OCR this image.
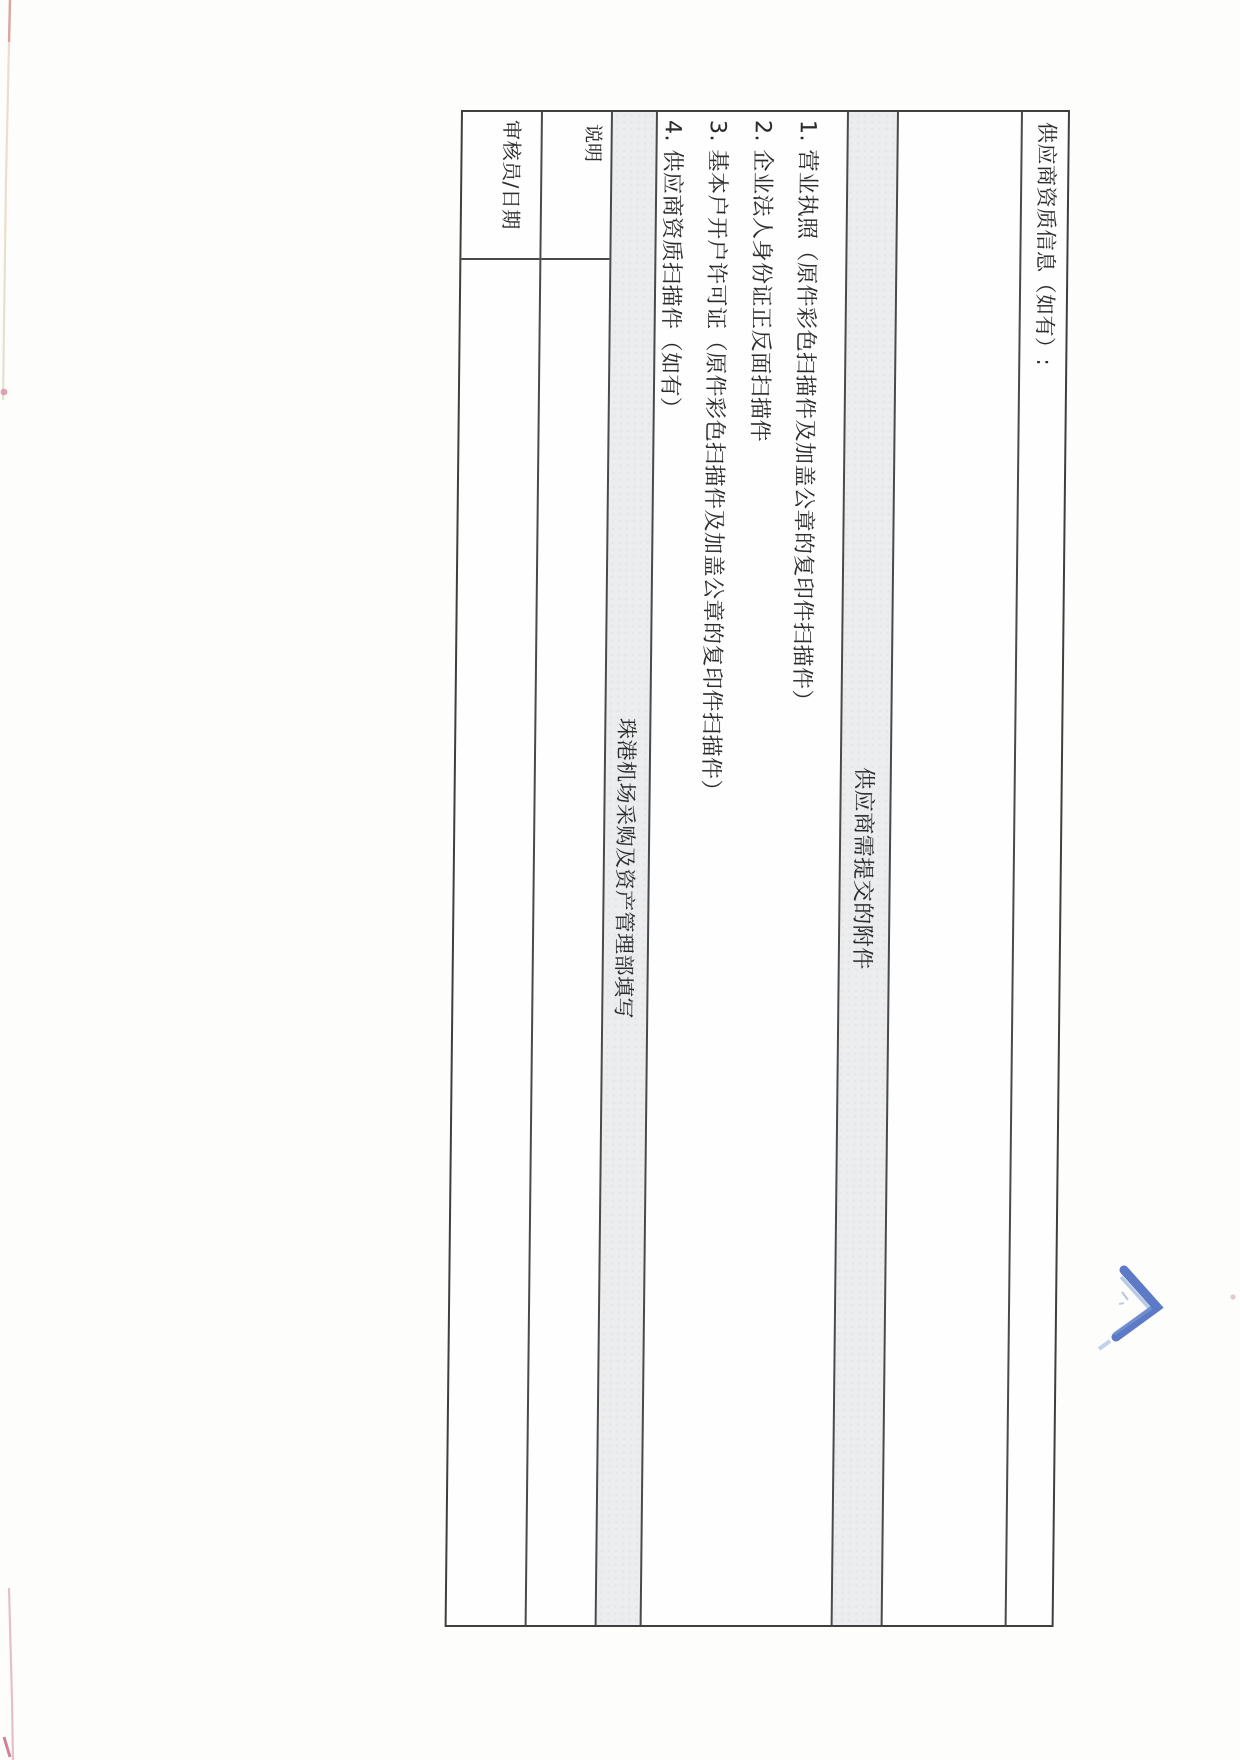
供应商资质信息（如有）:
供应商需提交的附件
1. 营业执照（原件彩色扫描件及加盖公章的复印件扫描件）
2. 企业法人身份证正反面扫描件
3. 基本户开户许可证（原件彩色扫描件及加盖公章的复印件扫描件）
4. 供应商资质扫描件（如有）
珠港机场采购及资产管理部填写
说明
审核员/日期
